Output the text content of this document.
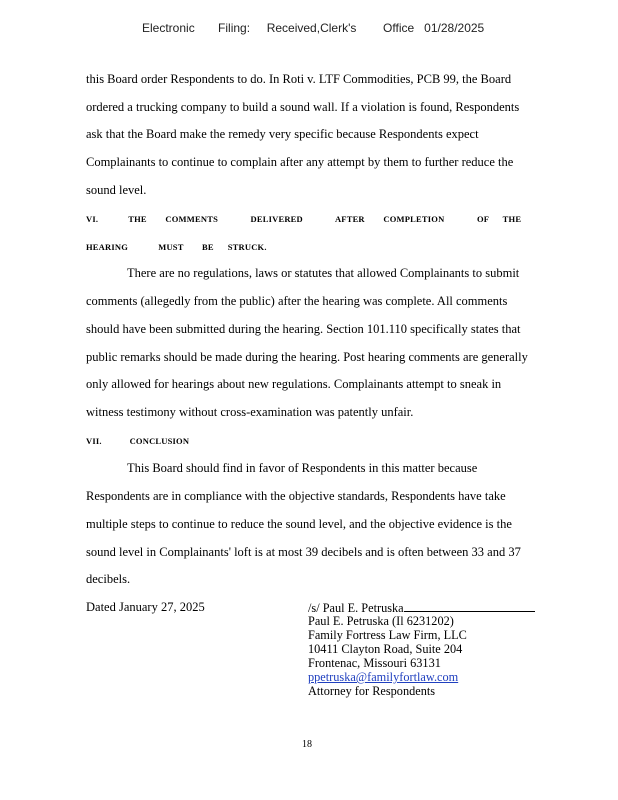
Electronic       Filing:     Received,Clerk's        Office   01/28/2025
this Board order Respondents to do. In Roti v. LTF Commodities, PCB 99, the Board
ordered a trucking company to build a sound wall. If a violation is found, Respondents
ask that the Board make the remedy very specific because Respondents expect
Complainants to continue to complain after any attempt by them to further reduce the
sound level.
VI.             THE        COMMENTS              DELIVERED              AFTER        COMPLETION              OF      THE
HEARING             MUST        BE      STRUCK.
There are no regulations, laws or statutes that allowed Complainants to submit
comments (allegedly from the public) after the hearing was complete. All comments
should have been submitted during the hearing. Section 101.110 specifically states that
public remarks should be made during the hearing. Post hearing comments are generally
only allowed for hearings about new regulations. Complainants attempt to sneak in
witness testimony without cross-examination was patently unfair.
VII.            CONCLUSION
This Board should find in favor of Respondents in this matter because
Respondents are in compliance with the objective standards, Respondents have take
multiple steps to continue to reduce the sound level, and the objective evidence is the
sound level in Complainants' loft is at most 39 decibels and is often between 33 and 37
decibels.
Dated January 27, 2025	/s/ Paul E. Petruska
Paul E. Petruska (Il 6231202)
Family Fortress Law Firm, LLC
10411 Clayton Road, Suite 204
Frontenac, Missouri 63131
ppetruska@familyfortlaw.com
Attorney for Respondents
18
